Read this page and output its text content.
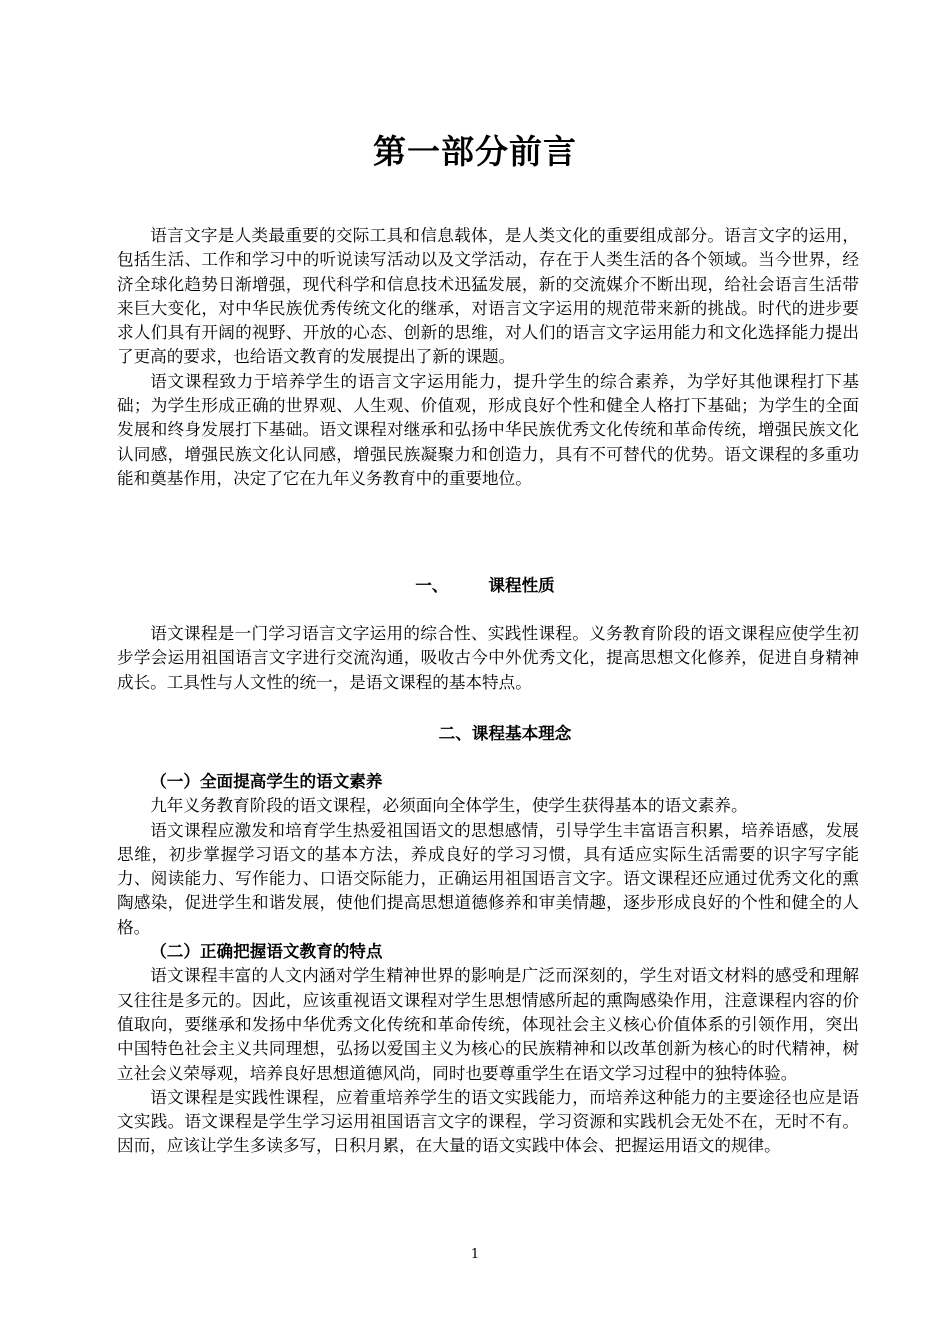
第一部分前言

语言文字是人类最重要的交际工具和信息载体，是人类文化的重要组成部分。语言文字的运用，包括生活、工作和学习中的听说读写活动以及文学活动，存在于人类生活的各个领域。当今世界，经济全球化趋势日渐增强，现代科学和信息技术迅猛发展，新的交流媒介不断出现，给社会语言生活带来巨大变化，对中华民族优秀传统文化的继承，对语言文字运用的规范带来新的挑战。时代的进步要求人们具有开阔的视野、开放的心态、创新的思维，对人们的语言文字运用能力和文化选择能力提出了更高的要求，也给语文教育的发展提出了新的课题。

语文课程致力于培养学生的语言文字运用能力，提升学生的综合素养，为学好其他课程打下基础；为学生形成正确的世界观、人生观、价值观，形成良好个性和健全人格打下基础；为学生的全面发展和终身发展打下基础。语文课程对继承和弘扬中华民族优秀文化传统和革命传统，增强民族文化认同感，增强民族文化认同感，增强民族凝聚力和创造力，具有不可替代的优势。语文课程的多重功能和奠基作用，决定了它在九年义务教育中的重要地位。

一、 课程性质

语文课程是一门学习语言文字运用的综合性、实践性课程。义务教育阶段的语文课程应使学生初步学会运用祖国语言文字进行交流沟通，吸收古今中外优秀文化，提高思想文化修养，促进自身精神成长。工具性与人文性的统一，是语文课程的基本特点。

二、课程基本理念

（一）全面提高学生的语文素养

九年义务教育阶段的语文课程，必须面向全体学生，使学生获得基本的语文素养。

语文课程应激发和培育学生热爱祖国语文的思想感情，引导学生丰富语言积累，培养语感，发展思维，初步掌握学习语文的基本方法，养成良好的学习习惯，具有适应实际生活需要的识字写字能力、阅读能力、写作能力、口语交际能力，正确运用祖国语言文字。语文课程还应通过优秀文化的熏陶感染，促进学生和谐发展，使他们提高思想道德修养和审美情趣，逐步形成良好的个性和健全的人格。

（二）正确把握语文教育的特点

语文课程丰富的人文内涵对学生精神世界的影响是广泛而深刻的，学生对语文材料的感受和理解又往往是多元的。因此，应该重视语文课程对学生思想情感所起的熏陶感染作用，注意课程内容的价值取向，要继承和发扬中华优秀文化传统和革命传统，体现社会主义核心价值体系的引领作用，突出中国特色社会主义共同理想，弘扬以爱国主义为核心的民族精神和以改革创新为核心的时代精神，树立社会义荣辱观，培养良好思想道德风尚，同时也要尊重学生在语文学习过程中的独特体验。

语文课程是实践性课程，应着重培养学生的语文实践能力，而培养这种能力的主要途径也应是语文实践。语文课程是学生学习运用祖国语言文字的课程，学习资源和实践机会无处不在，无时不有。因而，应该让学生多读多写，日积月累，在大量的语文实践中体会、把握运用语文的规律。

1
